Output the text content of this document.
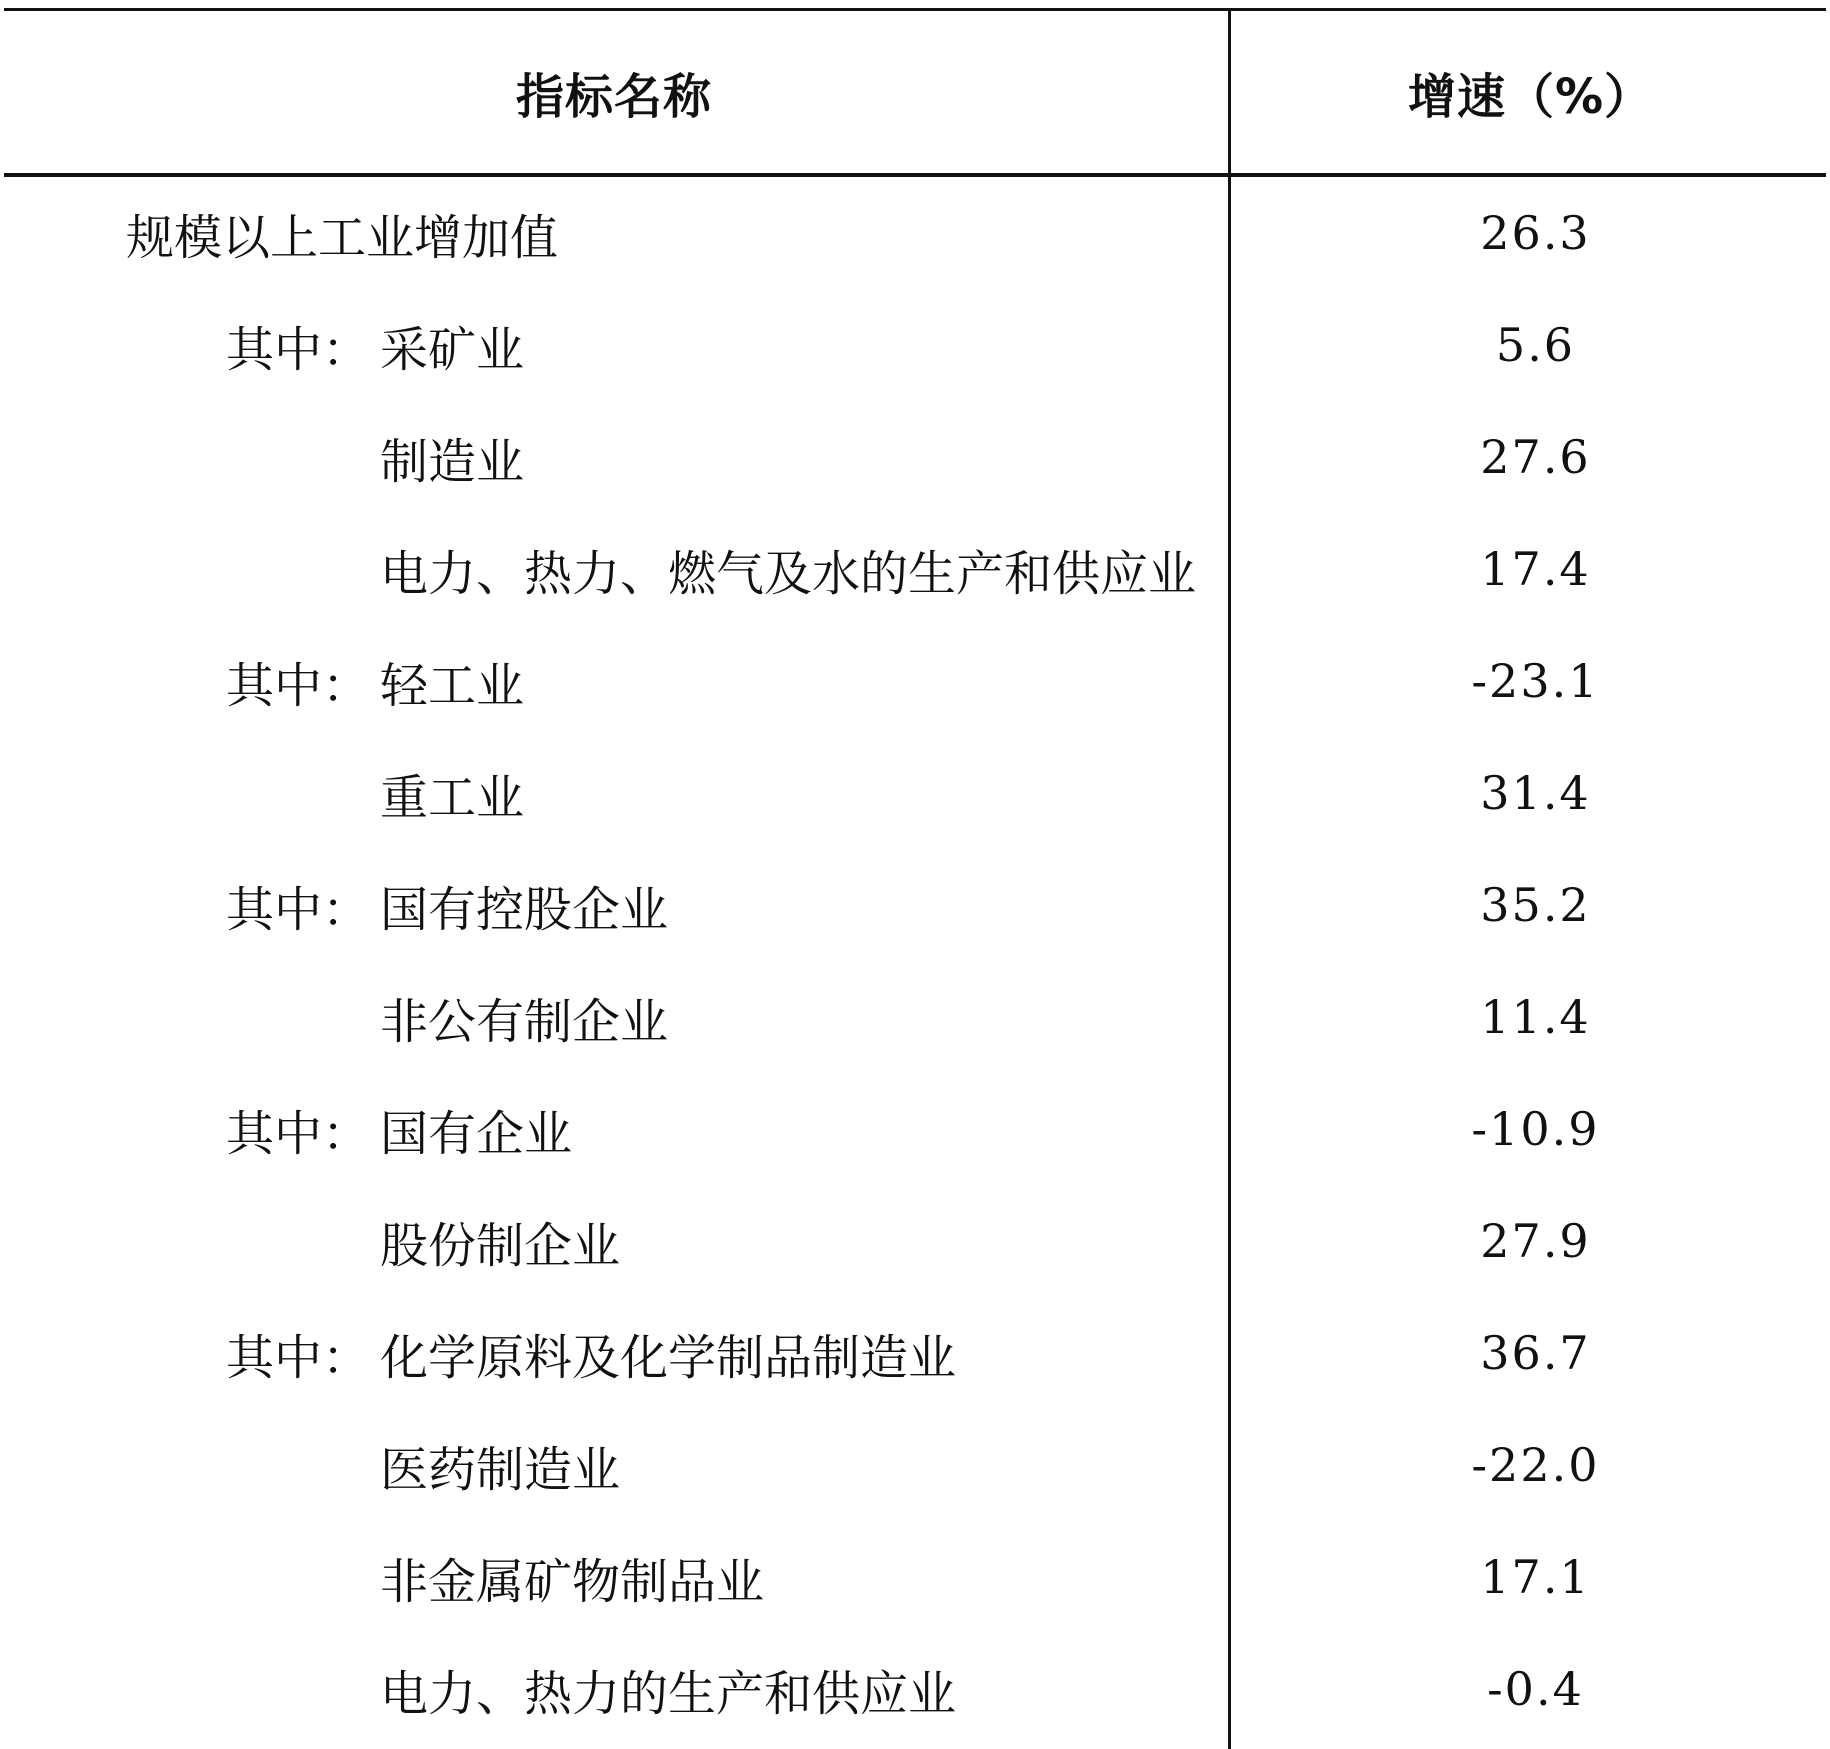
指标名称	增速（%）
规模以上工业增加值	26.3
其中： 采矿业	5.6
制造业	27.6
电力、热力、燃气及水的生产和供应业	17.4
其中： 轻工业	-23.1
重工业	31.4
其中： 国有控股企业	35.2
非公有制企业	11.4
其中： 国有企业	-10.9
股份制企业	27.9
其中： 化学原料及化学制品制造业	36.7
医药制造业	-22.0
非金属矿物制品业	17.1
电力、热力的生产和供应业	-0.4
